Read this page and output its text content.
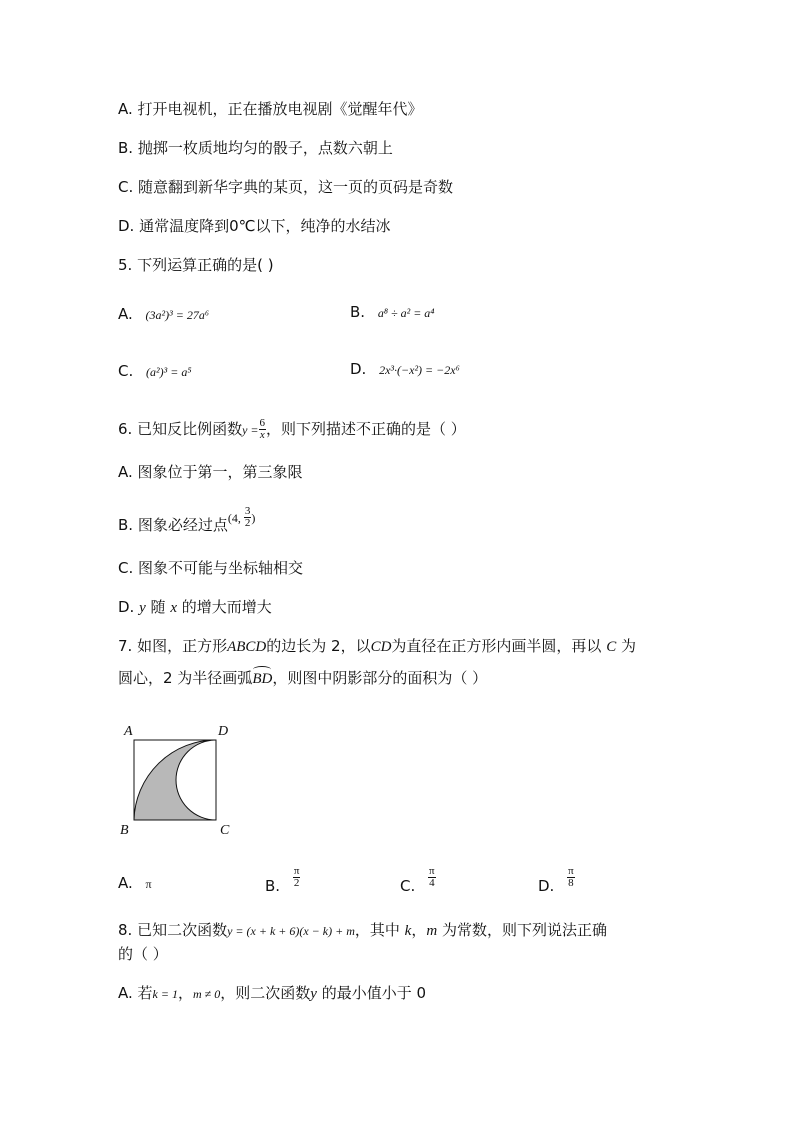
A. 打开电视机，正在播放电视剧《觉醒年代》
B. 抛掷一枚质地均匀的骰子，点数六朝上
C. 随意翻到新华字典的某页，这一页的页码是奇数
D. 通常温度降到0℃以下，纯净的水结冰
5. 下列运算正确的是( )
A. (3a²)³ = 27a⁶	B. a⁸ ÷ a² = a⁴
C. (a²)³ = a⁵	D. 2x³·(−x²) = −2x⁶
6. 已知反比例函数$y = \frac{6}{x}$ ，则下列描述不正确的是（ ）
A. 图象位于第一，第三象限
B. 图象必经过点$^{(4,} \frac{3}{2} ^)$
C. 图象不可能与坐标轴相交
D. y 随 x 的增大而增大
7. 如图，正方形ABCD的边长为 2，以CD为直径在正方形内画半圆，再以 C 为
圆心，2 为半径画弧BD，则图中阴影部分的面积为（ ）
A	D
B	C
A. π	B. $\frac{\pi}{2}$	C. $\frac{\pi}{4}$	D. $\frac{\pi}{8}$
8. 已知二次函数y = (x + k + 6)(x − k) + m，其中 k，m 为常数，则下列说法正确
的（ ）
A. 若k = 1，m ≠ 0，则二次函数y 的最小值小于 0
